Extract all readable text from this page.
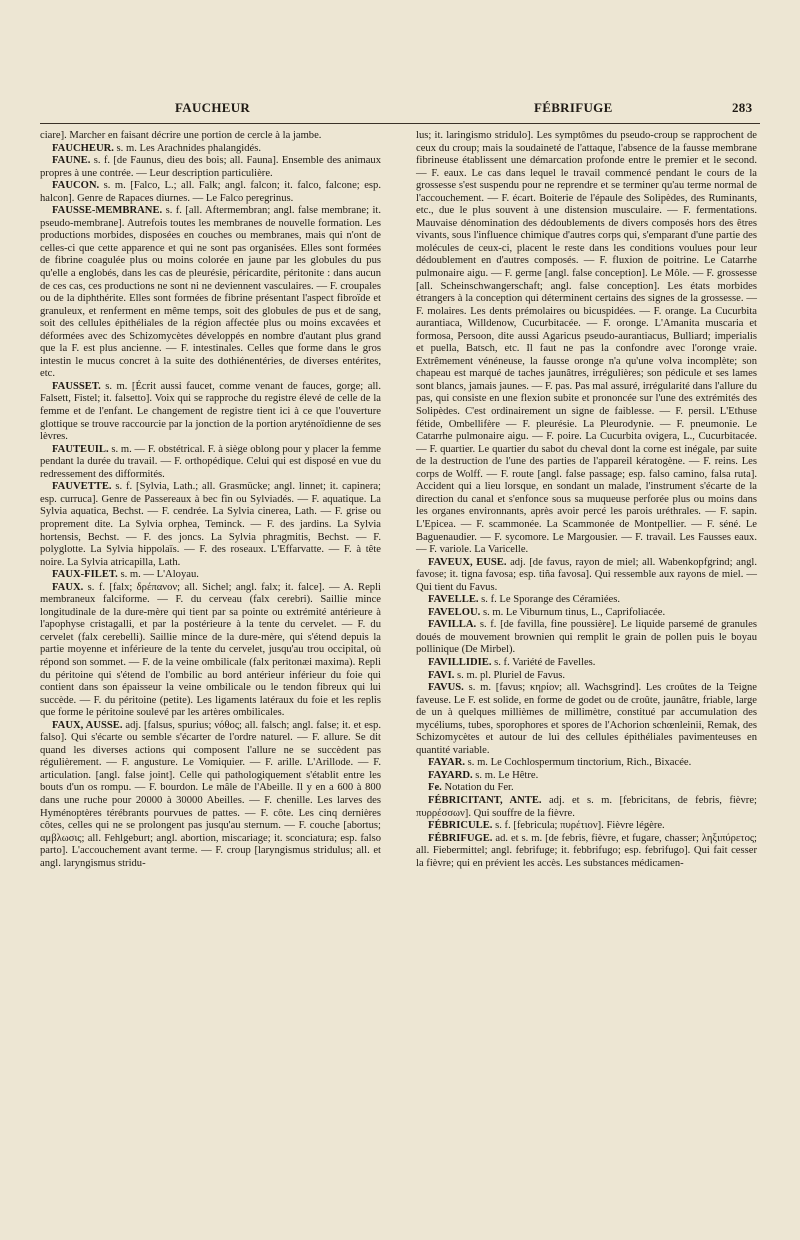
FAUCHEUR	FÉBRIFUGE	283

ciare]. Marcher en faisant décrire une portion de cercle à la jambe.

FAUCHEUR. s. m. Les Arachnides phalangidés.

FAUNE. s. f. [de Faunus, dieu des bois; all. Fauna]. Ensemble des animaux propres à une contrée. — Leur description particulière.

FAUCON. s. m. [Falco, L.; all. Falk; angl. falcon; it. falco, falcone; esp. halcon]. Genre de Rapaces diurnes. — Le Falco peregrinus.

FAUSSE-MEMBRANE. s. f. [all. Aftermembran; angl. false membrane; it. pseudo-membrane]. Autrefois toutes les membranes de nouvelle formation. Les productions morbides, disposées en couches ou membranes, mais qui n'ont de celles-ci que cette apparence et qui ne sont pas organisées. Elles sont formées de fibrine coagulée plus ou moins colorée en jaune par les globules du pus qu'elle a englobés, dans les cas de pleurésie, péricardite, péritonite : dans aucun de ces cas, ces productions ne sont ni ne deviennent vasculaires. — F. croupales ou de la diphthérite. Elles sont formées de fibrine présentant l'aspect fibroïde et granuleux, et renferment en même temps, soit des globules de pus et de sang, soit des cellules épithéliales de la région affectée plus ou moins excavées et déformées avec des Schizomycètes développés en nombre d'autant plus grand que la F. est plus ancienne. — F. intestinales. Celles que forme dans le gros intestin le mucus concret à la suite des dothiénentéries, de diverses entérites, etc.

FAUSSET. s. m. [Écrit aussi faucet, comme venant de fauces, gorge; all. Falsett, Fistel; it. falsetto]. Voix qui se rapproche du registre élevé de celle de la femme et de l'enfant. Le changement de registre tient ici à ce que l'ouverture glottique se trouve raccourcie par la jonction de la portion aryténoïdienne de ses lèvres.

FAUTEUIL. s. m. — F. obstétrical. F. à siège oblong pour y placer la femme pendant la durée du travail. — F. orthopédique. Celui qui est disposé en vue du redressement des difformités.

FAUVETTE. s. f. [Sylvia, Lath.; all. Grasmücke; angl. linnet; it. capinera; esp. curruca]. Genre de Passereaux à bec fin ou Sylviadés. — F. aquatique. La Sylvia aquatica, Bechst. — F. cendrée. La Sylvia cinerea, Lath. — F. grise ou proprement dite. La Sylvia orphea, Teminck. — F. des jardins. La Sylvia hortensis, Bechst. — F. des joncs. La Sylvia phragmitis, Bechst. — F. polyglotte. La Sylvia hippolaïs. — F. des roseaux. L'Effarvatte. — F. à tête noire. La Sylvia atricapilla, Lath.

FAUX-FILET. s. m. — L'Aloyau.

FAUX. s. f. [falx; δρέπανον; all. Sichel; angl. falx; it. falce]. — A. Repli membraneux falciforme. — F. du cerveau (falx cerebri). Saillie mince longitudinale de la dure-mère qui tient par sa pointe ou extrémité antérieure à l'apophyse cristagalli, et par la postérieure à la tente du cervelet. — F. du cervelet (falx cerebelli). Saillie mince de la dure-mère, qui s'étend depuis la partie moyenne et inférieure de la tente du cervelet, jusqu'au trou occipital, où répond son sommet. — F. de la veine ombilicale (falx peritonæi maxima). Repli du péritoine qui s'étend de l'ombilic au bord antérieur inférieur du foie qui contient dans son épaisseur la veine ombilicale ou le tendon fibreux qui lui succède. — F. du péritoine (petite). Les ligaments latéraux du foie et les replis que forme le péritoine soulevé par les artères ombilicales.

FAUX, AUSSE. adj. [falsus, spurius; νόθος; all. falsch; angl. false; it. et esp. falso]. Qui s'écarte ou semble s'écarter de l'ordre naturel. — F. allure. Se dit quand les diverses actions qui composent l'allure ne se succèdent pas régulièrement. — F. angusture. Le Vomiquier. — F. arille. L'Arillode. — F. articulation. [angl. false joint]. Celle qui pathologiquement s'établit entre les bouts d'un os rompu. — F. bourdon. Le mâle de l'Abeille. Il y en a 600 à 800 dans une ruche pour 20000 à 30000 Abeilles. — F. chenille. Les larves des Hyménoptères térébrants pourvues de pattes. — F. côte. Les cinq dernières côtes, celles qui ne se prolongent pas jusqu'au sternum. — F. couche [abortus; αμβλωσις; all. Fehlgeburt; angl. abortion, miscariage; it. sconciatura; esp. falso parto]. L'accouchement avant terme. — F. croup [laryngismus stridulus; all. et angl. laryngismus stridu-

lus; it. laringismo stridulo]. Les symptômes du pseudo-croup se rapprochent de ceux du croup; mais la soudaineté de l'attaque, l'absence de la fausse membrane fibrineuse établissent une démarcation profonde entre le premier et le second. — F. eaux. Le cas dans lequel le travail commencé pendant le cours de la grossesse s'est suspendu pour ne reprendre et se terminer qu'au terme normal de l'accouchement. — F. écart. Boiterie de l'épaule des Solipèdes, des Ruminants, etc., due le plus souvent à une distension musculaire. — F. fermentations. Mauvaise dénomination des dédoublements de divers composés hors des êtres vivants, sous l'influence chimique d'autres corps qui, s'emparant d'une partie des molécules de ceux-ci, placent le reste dans les conditions voulues pour leur dédoublement en d'autres composés. — F. fluxion de poitrine. Le Catarrhe pulmonaire aigu. — F. germe [angl. false conception]. Le Môle. — F. grossesse [all. Scheinschwangerschaft; angl. false conception]. Les états morbides étrangers à la conception qui déterminent certains des signes de la grossesse. — F. molaires. Les dents prémolaires ou bicuspidées. — F. orange. La Cucurbita aurantiaca, Willdenow, Cucurbitacée. — F. oronge. L'Amanita muscaria et formosa, Persoon, dite aussi Agaricus pseudo-aurantiacus, Bulliard; imperialis et puella, Batsch, etc. Il faut ne pas la confondre avec l'oronge vraie. Extrêmement vénéneuse, la fausse oronge n'a qu'une volva incomplète; son chapeau est marqué de taches jaunâtres, irrégulières; son pédicule et ses lames sont blancs, jamais jaunes. — F. pas. Pas mal assuré, irrégularité dans l'allure du pas, qui consiste en une flexion subite et prononcée sur l'une des extrémités des Solipèdes. C'est ordinairement un signe de faiblesse. — F. persil. L'Ethuse fétide, Ombellifère — F. pleurésie. La Pleurodynie. — F. pneumonie. Le Catarrhe pulmonaire aigu. — F. poire. La Cucurbita ovigera, L., Cucurbitacée. — F. quartier. Le quartier du sabot du cheval dont la corne est inégale, par suite de la destruction de l'une des parties de l'appareil kératogène. — F. reins. Les corps de Wolff. — F. route [angl. false passage; esp. falso camino, falsa ruta]. Accident qui a lieu lorsque, en sondant un malade, l'instrument s'écarte de la direction du canal et s'enfonce sous sa muqueuse perforée plus ou moins dans les organes environnants, après avoir percé les parois uréthrales. — F. sapin. L'Epicea. — F. scammonée. La Scammonée de Montpellier. — F. séné. Le Baguenaudier. — F. sycomore. Le Margousier. — F. travail. Les Fausses eaux. — F. variole. La Varicelle.

FAVEUX, EUSE. adj. [de favus, rayon de miel; all. Wabenkopfgrind; angl. favose; it. tigna favosa; esp. tiña favosa]. Qui ressemble aux rayons de miel. — Qui tient du Favus.

FAVELLE. s. f. Le Sporange des Céramiées.

FAVELOU. s. m. Le Viburnum tinus, L., Caprifoliacée.

FAVILLA. s. f. [de favilla, fine poussière]. Le liquide parsemé de granules doués de mouvement brownien qui remplit le grain de pollen puis le boyau pollinique (De Mirbel).

FAVILLIDIE. s. f. Variété de Favelles.

FAVI. s. m. pl. Pluriel de Favus.

FAVUS. s. m. [favus; κηρίον; all. Wachsgrind]. Les croûtes de la Teigne faveuse. Le F. est solide, en forme de godet ou de croûte, jaunâtre, friable, large de un à quelques millièmes de millimètre, constitué par accumulation des mycéliums, tubes, sporophores et spores de l'Achorion schœnleinii, Remak, des Schizomycètes et autour de lui des cellules épithéliales pavimenteuses en quantité variable.

FAYAR. s. m. Le Cochlospermum tinctorium, Rich., Bixacée.

FAYARD. s. m. Le Hêtre.

Fe. Notation du Fer.

FÉBRICITANT, ANTE. adj. et s. m. [febricitans, de febris, fièvre; πυρρέσσων]. Qui souffre de la fièvre.

FÉBRICULE. s. f. [febricula; πυρέτιον]. Fièvre légère.

FÉBRIFUGE. ad. et s. m. [de febris, fièvre, et fugare, chasser; ληξιπύρετος; all. Fiebermittel; angl. febrifuge; it. febbrifugo; esp. febrifugo]. Qui fait cesser la fièvre; qui en prévient les accès. Les substances médicamen-
